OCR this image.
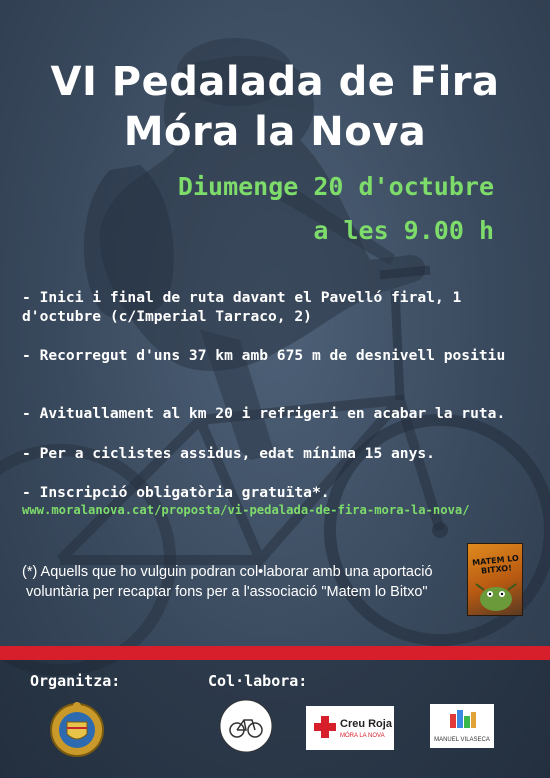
VI Pedalada de Fira
Móra la Nova
Diumenge 20 d'octubre
a les 9.00 h
- Inici i final de ruta davant el Pavelló firal, 1 d'octubre (c/Imperial Tarraco, 2)
- Recorregut d'uns 37 km amb 675 m de desnivell positiu
- Avituallament al km 20 i refrigeri en acabar la ruta.
- Per a ciclistes assidus, edat mínima 15 anys.
- Inscripció obligatòria gratuïta*.
www.moralanova.cat/proposta/vi-pedalada-de-fira-mora-la-nova/
(*) Aquells que ho vulguin podran col•laborar amb una aportació
voluntària per recaptar fons per a l'associació "Matem lo Bitxo"
MATEM LO BITXO!
Organitza:	Col·labora:
Creu Roja
MÓRA LA NOVA
MANUEL VILASECA
